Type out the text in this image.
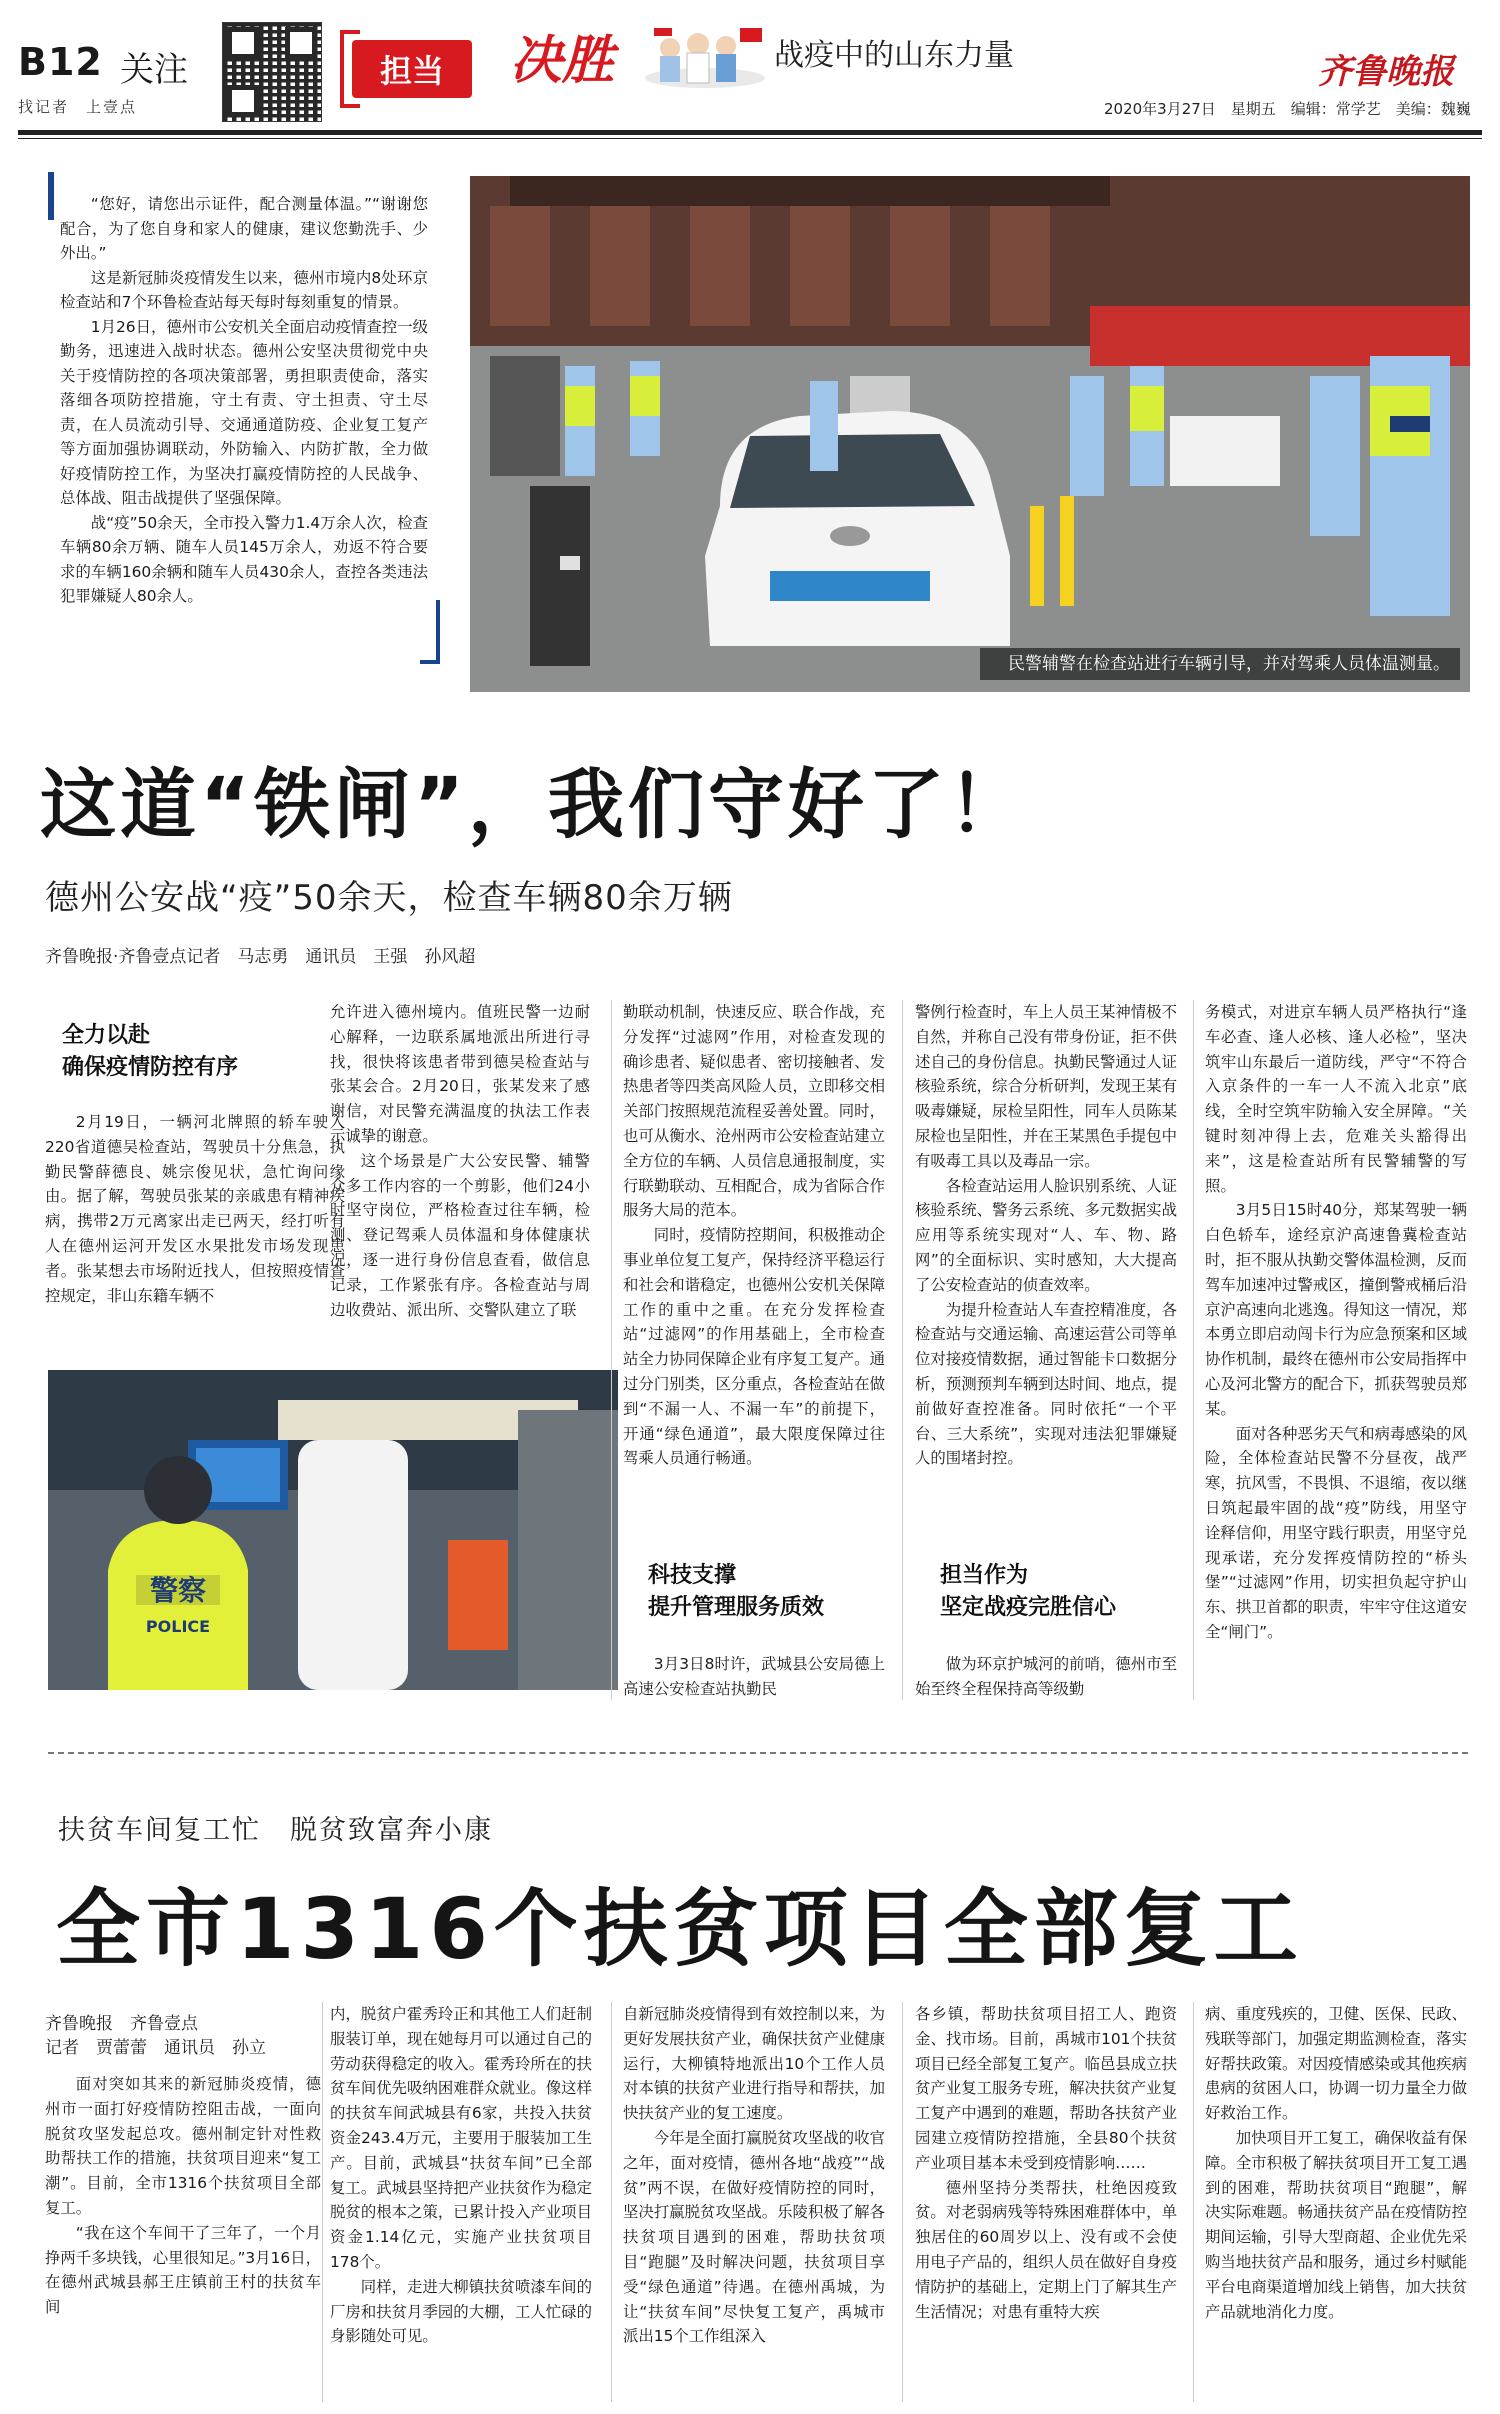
B12 关注
找记者　上壹点
担当	决胜	战疫中的山东力量	齐鲁晚报
2020年3月27日　星期五　编辑：常学艺　美编：魏巍

“您好，请您出示证件，配合测量体温。”“谢谢您配合，为了您自身和家人的健康，建议您勤洗手、少外出。”

这是新冠肺炎疫情发生以来，德州市境内8处环京检查站和7个环鲁检查站每天每时每刻重复的情景。

1月26日，德州市公安机关全面启动疫情查控一级勤务，迅速进入战时状态。德州公安坚决贯彻党中央关于疫情防控的各项决策部署，勇担职责使命，落实落细各项防控措施，守土有责、守土担责、守土尽责，在人员流动引导、交通通道防疫、企业复工复产等方面加强协调联动，外防输入、内防扩散，全力做好疫情防控工作，为坚决打赢疫情防控的人民战争、总体战、阻击战提供了坚强保障。

战“疫”50余天，全市投入警力1.4万余人次，检查车辆80余万辆、随车人员145万余人，劝返不符合要求的车辆160余辆和随车人员430余人，查控各类违法犯罪嫌疑人80余人。

民警辅警在检查站进行车辆引导，并对驾乘人员体温测量。
这道“铁闸”，我们守好了！
德州公安战“疫”50余天，检查车辆80余万辆
齐鲁晚报·齐鲁壹点记者　马志勇　通讯员　王强　孙风超
全力以赴
确保疫情防控有序

2月19日，一辆河北牌照的轿车驶入220省道德吴检查站，驾驶员十分焦急，执勤民警薛德良、姚宗俊见状，急忙询问缘由。据了解，驾驶员张某的亲戚患有精神疾病，携带2万元离家出走已两天，经打听有人在德州运河开发区水果批发市场发现患者。张某想去市场附近找人，但按照疫情查控规定，非山东籍车辆不

警察
POLICE

允许进入德州境内。值班民警一边耐心解释，一边联系属地派出所进行寻找，很快将该患者带到德吴检查站与张某会合。2月20日，张某发来了感谢信，对民警充满温度的执法工作表示诚挚的谢意。

这个场景是广大公安民警、辅警众多工作内容的一个剪影，他们24小时坚守岗位，严格检查过往车辆，检测、登记驾乘人员体温和身体健康状况，逐一进行身份信息查看，做信息记录，工作紧张有序。各检查站与周边收费站、派出所、交警队建立了联

勤联动机制，快速反应、联合作战，充分发挥“过滤网”作用，对检查发现的确诊患者、疑似患者、密切接触者、发热患者等四类高风险人员，立即移交相关部门按照规范流程妥善处置。同时，也可从衡水、沧州两市公安检查站建立全方位的车辆、人员信息通报制度，实行联勤联动、互相配合，成为省际合作服务大局的范本。

同时，疫情防控期间，积极推动企事业单位复工复产，保持经济平稳运行和社会和谐稳定，也德州公安机关保障工作的重中之重。在充分发挥检查站“过滤网”的作用基础上，全市检查站全力协同保障企业有序复工复产。通过分门别类，区分重点，各检查站在做到“不漏一人、不漏一车”的前提下，开通“绿色通道”，最大限度保障过往驾乘人员通行畅通。

科技支撑
提升管理服务质效

3月3日8时许，武城县公安局德上高速公安检查站执勤民

警例行检查时，车上人员王某神情极不自然，并称自己没有带身份证，拒不供述自己的身份信息。执勤民警通过人证核验系统，综合分析研判，发现王某有吸毒嫌疑，尿检呈阳性，同车人员陈某尿检也呈阳性，并在王某黑色手提包中有吸毒工具以及毒品一宗。

各检查站运用人脸识别系统、人证核验系统、警务云系统、多元数据实战应用等系统实现对“人、车、物、路网”的全面标识、实时感知，大大提高了公安检查站的侦查效率。

为提升检查站人车查控精准度，各检查站与交通运输、高速运营公司等单位对接疫情数据，通过智能卡口数据分析，预测预判车辆到达时间、地点，提前做好查控准备。同时依托“一个平台、三大系统”，实现对违法犯罪嫌疑人的围堵封控。

担当作为
坚定战疫完胜信心

做为环京护城河的前哨，德州市至始至终全程保持高等级勤

务模式，对进京车辆人员严格执行“逢车必查、逢人必核、逢人必检”，坚决筑牢山东最后一道防线，严守“不符合入京条件的一车一人不流入北京”底线，全时空筑牢防输入安全屏障。“关键时刻冲得上去，危难关头豁得出来”，这是检查站所有民警辅警的写照。

3月5日15时40分，郑某驾驶一辆白色轿车，途经京沪高速鲁冀检查站时，拒不服从执勤交警体温检测，反而驾车加速冲过警戒区，撞倒警戒桶后沿京沪高速向北逃逸。得知这一情况，郑本勇立即启动闯卡行为应急预案和区域协作机制，最终在德州市公安局指挥中心及河北警方的配合下，抓获驾驶员郑某。

面对各种恶劣天气和病毒感染的风险，全体检查站民警不分昼夜，战严寒，抗风雪，不畏惧、不退缩，夜以继日筑起最牢固的战“疫”防线，用坚守诠释信仰，用坚守践行职责，用坚守兑现承诺，充分发挥疫情防控的“桥头堡”“过滤网”作用，切实担负起守护山东、拱卫首都的职责，牢牢守住这道安全“闸门”。

扶贫车间复工忙　脱贫致富奔小康
全市1316个扶贫项目全部复工
齐鲁晚报　齐鲁壹点
记者　贾蕾蕾　通讯员　孙立

面对突如其来的新冠肺炎疫情，德州市一面打好疫情防控阻击战，一面向脱贫攻坚发起总攻。德州制定针对性救助帮扶工作的措施，扶贫项目迎来“复工潮”。目前，全市1316个扶贫项目全部复工。

“我在这个车间干了三年了，一个月挣两千多块钱，心里很知足。”3月16日，在德州武城县郝王庄镇前王村的扶贫车间

内，脱贫户霍秀玲正和其他工人们赶制服装订单，现在她每月可以通过自己的劳动获得稳定的收入。霍秀玲所在的扶贫车间优先吸纳困难群众就业。像这样的扶贫车间武城县有6家，共投入扶贫资金243.4万元，主要用于服装加工生产。目前，武城县“扶贫车间”已全部复工。武城县坚持把产业扶贫作为稳定脱贫的根本之策，已累计投入产业项目资金1.14亿元，实施产业扶贫项目178个。

同样，走进大柳镇扶贫喷漆车间的厂房和扶贫月季园的大棚，工人忙碌的身影随处可见。

自新冠肺炎疫情得到有效控制以来，为更好发展扶贫产业，确保扶贫产业健康运行，大柳镇特地派出10个工作人员对本镇的扶贫产业进行指导和帮扶，加快扶贫产业的复工速度。

今年是全面打赢脱贫攻坚战的收官之年，面对疫情，德州各地“战疫”“战贫”两不误，在做好疫情防控的同时，坚决打赢脱贫攻坚战。乐陵积极了解各扶贫项目遇到的困难，帮助扶贫项目“跑腿”及时解决问题，扶贫项目享受“绿色通道”待遇。在德州禹城，为让“扶贫车间”尽快复工复产，禹城市派出15个工作组深入

各乡镇，帮助扶贫项目招工人、跑资金、找市场。目前，禹城市101个扶贫项目已经全部复工复产。临邑县成立扶贫产业复工服务专班，解决扶贫产业复工复产中遇到的难题，帮助各扶贫产业园建立疫情防控措施，全县80个扶贫产业项目基本未受到疫情影响……

德州坚持分类帮扶，杜绝因疫致贫。对老弱病残等特殊困难群体中，单独居住的60周岁以上、没有或不会使用电子产品的，组织人员在做好自身疫情防护的基础上，定期上门了解其生产生活情况；对患有重特大疾

病、重度残疾的，卫健、医保、民政、残联等部门，加强定期监测检查，落实好帮扶政策。对因疫情感染或其他疾病患病的贫困人口，协调一切力量全力做好救治工作。

加快项目开工复工，确保收益有保障。全市积极了解扶贫项目开工复工遇到的困难，帮助扶贫项目“跑腿”，解决实际难题。畅通扶贫产品在疫情防控期间运输，引导大型商超、企业优先采购当地扶贫产品和服务，通过乡村赋能平台电商渠道增加线上销售，加大扶贫产品就地消化力度。
